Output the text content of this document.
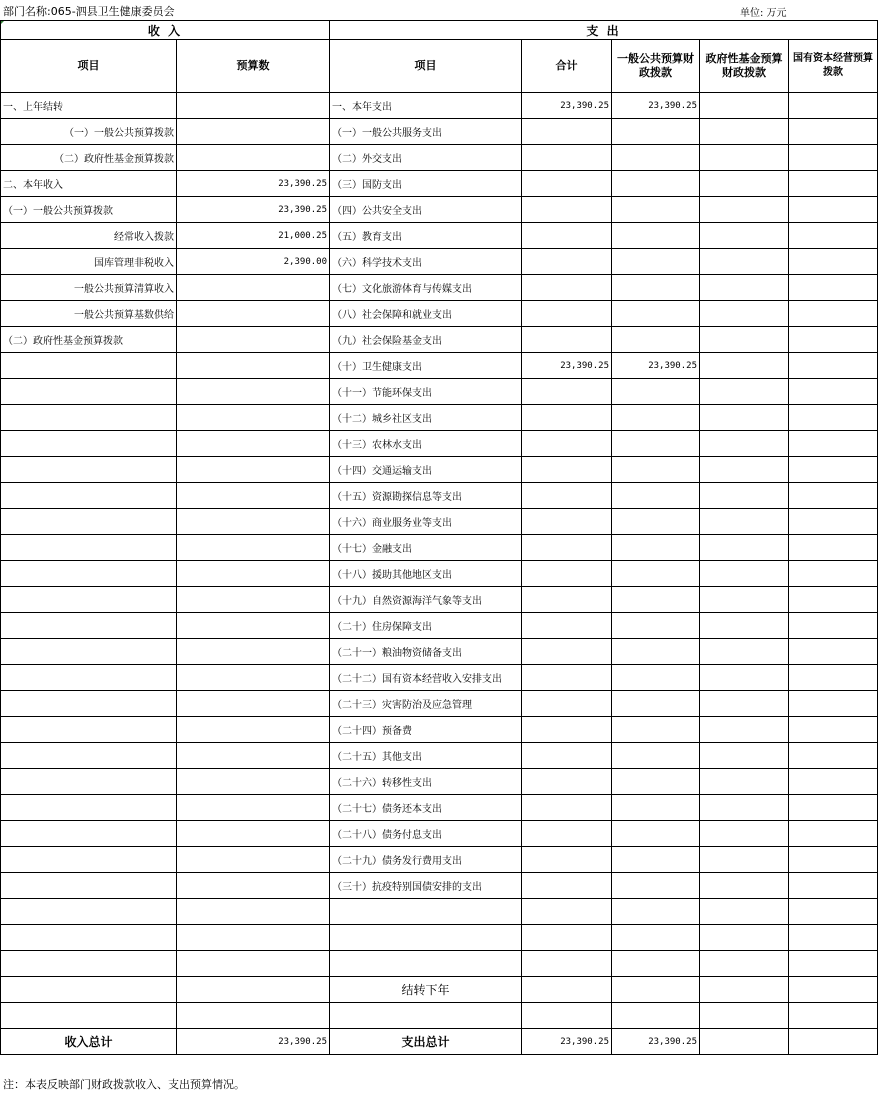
部门名称:065-泗县卫生健康委员会	单位: 万元
收 入		支 出				
项目	预算数	项目	合计	一般公共预算财政拨款	政府性基金预算财政拨款	国有资本经营预算拨款
一、上年结转		一、本年支出	23,390.25	23,390.25		
（一）一般公共预算拨款		（一）一般公共服务支出				
（二）政府性基金预算拨款		（二）外交支出				
二、本年收入	23,390.25	（三）国防支出				
（一）一般公共预算拨款	23,390.25	（四）公共安全支出				
经常收入拨款	21,000.25	（五）教育支出				
国库管理非税收入	2,390.00	（六）科学技术支出				
一般公共预算清算收入		（七）文化旅游体育与传媒支出				
一般公共预算基数供给		（八）社会保障和就业支出				
（二）政府性基金预算拨款		（九）社会保险基金支出				
		（十）卫生健康支出	23,390.25	23,390.25		
		（十一）节能环保支出				
		（十二）城乡社区支出				
		（十三）农林水支出				
		（十四）交通运输支出				
		（十五）资源勘探信息等支出				
		（十六）商业服务业等支出				
		（十七）金融支出				
		（十八）援助其他地区支出				
		（十九）自然资源海洋气象等支出				
		（二十）住房保障支出				
		（二十一）粮油物资储备支出				
		（二十二）国有资本经营收入安排支出				
		（二十三）灾害防治及应急管理				
		（二十四）预备费				
		（二十五）其他支出				
		（二十六）转移性支出				
		（二十七）债务还本支出				
		（二十八）债务付息支出				
		（二十九）债务发行费用支出				
		（三十）抗疫特别国债安排的支出				

		结转下年				

收入总计	23,390.25	支出总计	23,390.25	23,390.25		
注：本表反映部门财政拨款收入、支出预算情况。
